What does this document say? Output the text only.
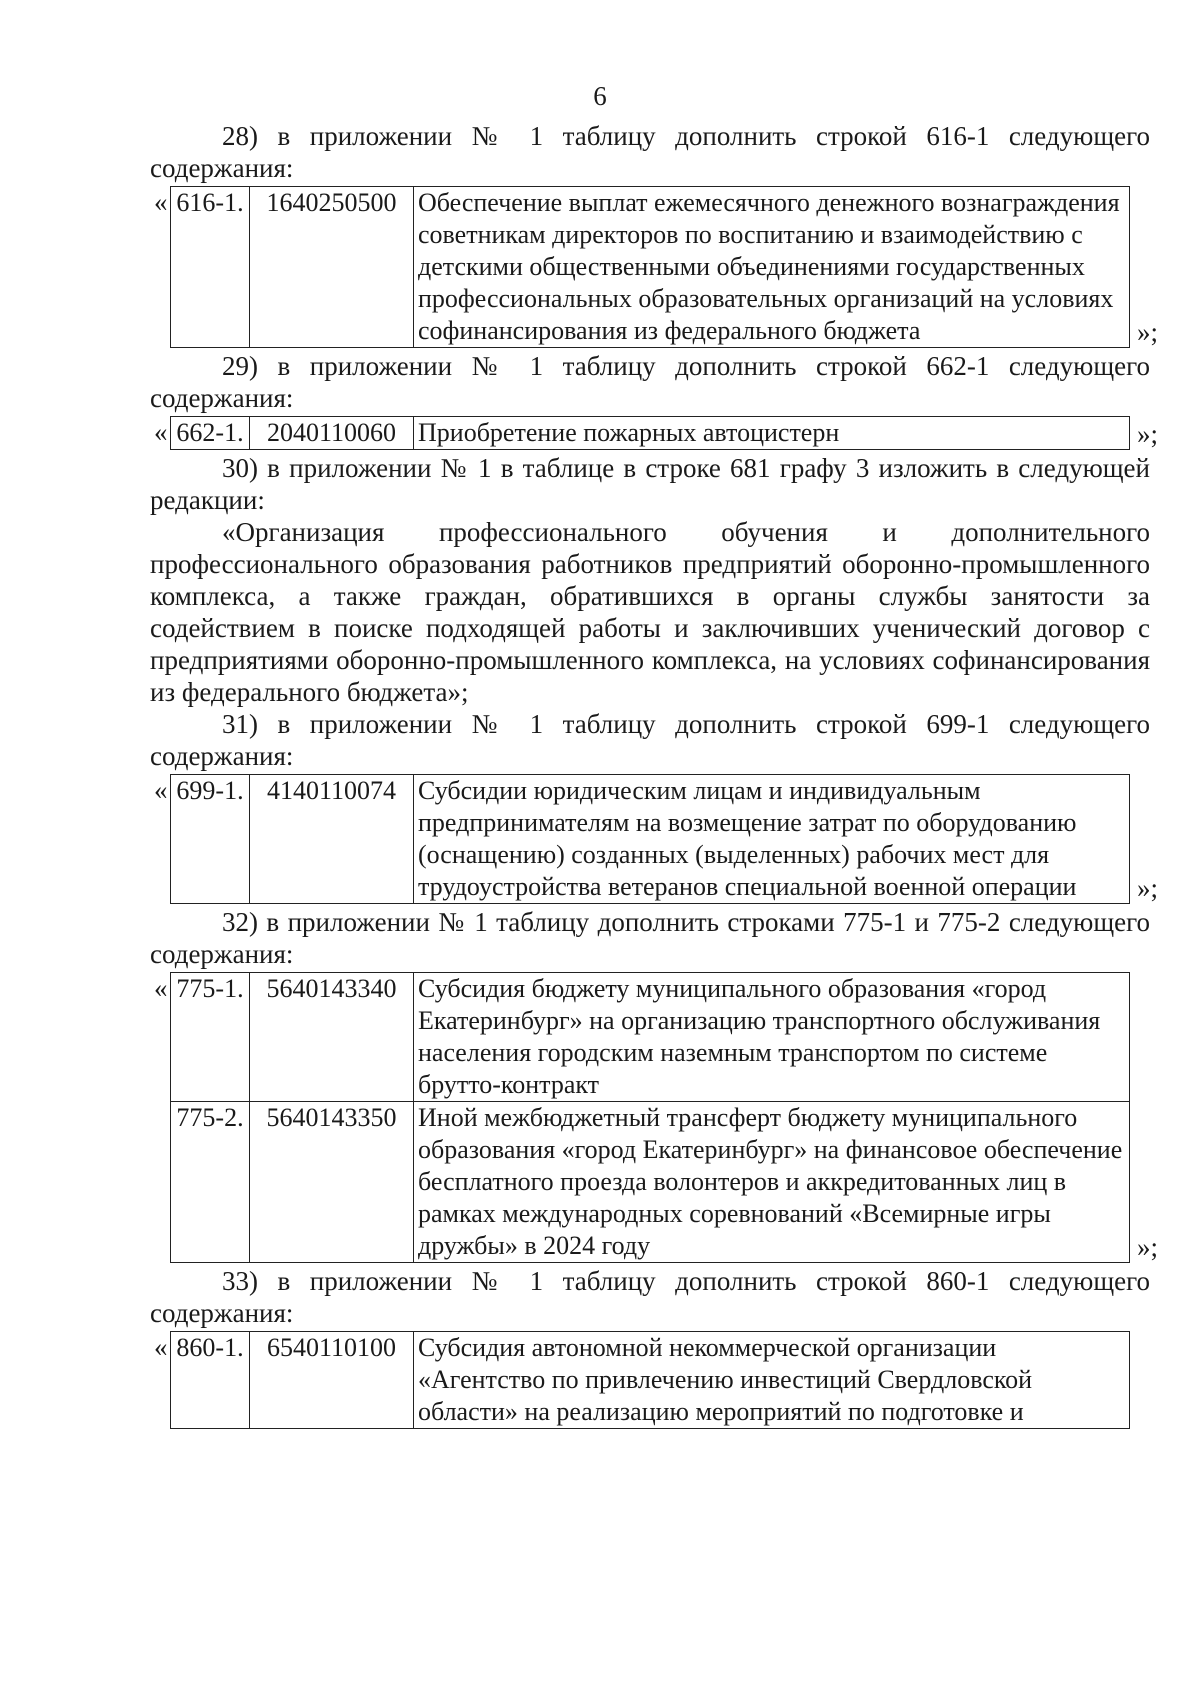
6

28) в приложении № 1 таблицу дополнить строкой 616-1 следующего содержания:

« 616-1.	1640250500	Обеспечение выплат ежемесячного денежного вознаграждения советникам директоров по воспитанию и взаимодействию с детскими общественными объединениями государственных профессиональных образовательных организаций на условиях софинансирования из федерального бюджета	»;

29) в приложении № 1 таблицу дополнить строкой 662-1 следующего содержания:

« 662-1.	2040110060	Приобретение пожарных автоцистерн	»;

30) в приложении № 1 в таблице в строке 681 графу 3 изложить в следующей редакции:

«Организация профессионального обучения и дополнительного профессионального образования работников предприятий оборонно-промышленного комплекса, а также граждан, обратившихся в органы службы занятости за содействием в поиске подходящей работы и заключивших ученический договор с предприятиями оборонно-промышленного комплекса, на условиях софинансирования из федерального бюджета»;

31) в приложении № 1 таблицу дополнить строкой 699-1 следующего содержания:

« 699-1.	4140110074	Субсидии юридическим лицам и индивидуальным предпринимателям на возмещение затрат по оборудованию (оснащению) созданных (выделенных) рабочих мест для трудоустройства ветеранов специальной военной операции »;

32) в приложении № 1 таблицу дополнить строками 775-1 и 775-2 следующего содержания:

« 775-1.	5640143340	Субсидия бюджету муниципального образования «город Екатеринбург» на организацию транспортного обслуживания населения городским наземным транспортом по системе брутто-контракт
775-2.	5640143350	Иной межбюджетный трансферт бюджету муниципального образования «город Екатеринбург» на финансовое обеспечение бесплатного проезда волонтеров и аккредитованных лиц в рамках международных соревнований «Всемирные игры дружбы» в 2024 году	»;

33) в приложении № 1 таблицу дополнить строкой 860-1 следующего содержания:

« 860-1.	6540110100	Субсидия автономной некоммерческой организации «Агентство по привлечению инвестиций Свердловской области» на реализацию мероприятий по подготовке и
